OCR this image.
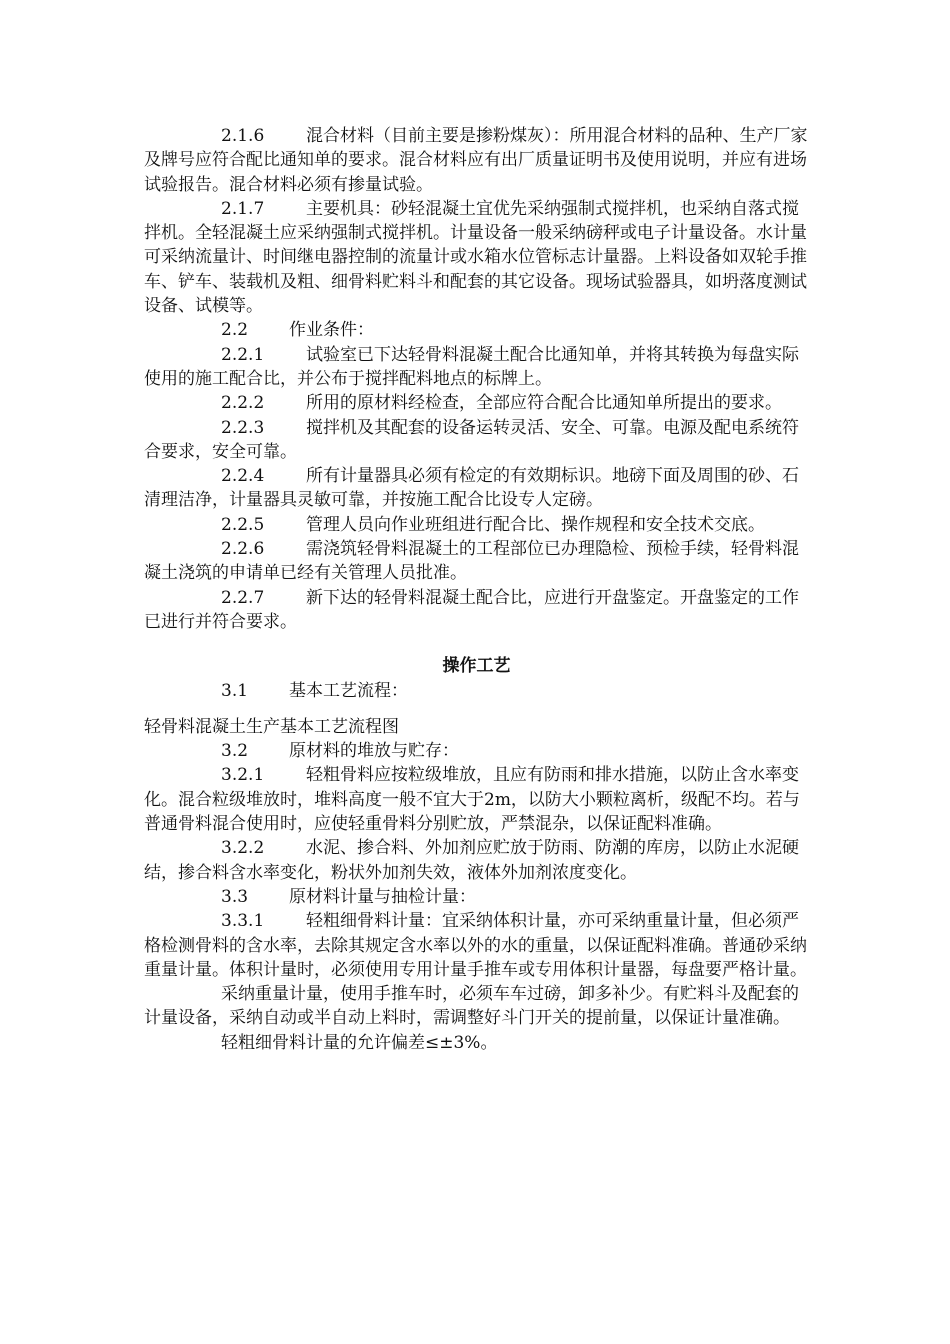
2.1.6 混合材料（目前主要是掺粉煤灰）：所用混合材料的品种、生产厂家及牌号应符合配比通知单的要求。混合材料应有出厂质量证明书及使用说明，并应有进场试验报告。混合材料必须有掺量试验。

2.1.7 主要机具：砂轻混凝土宜优先采纳强制式搅拌机，也采纳自落式搅拌机。全轻混凝土应采纳强制式搅拌机。计量设备一般采纳磅秤或电子计量设备。水计量可采纳流量计、时间继电器控制的流量计或水箱水位管标志计量器。上料设备如双轮手推车、铲车、装载机及粗、细骨料贮料斗和配套的其它设备。现场试验器具，如坍落度测试设备、试模等。

2.2 作业条件：

2.2.1 试验室已下达轻骨料混凝土配合比通知单，并将其转换为每盘实际使用的施工配合比，并公布于搅拌配料地点的标牌上。

2.2.2 所用的原材料经检查，全部应符合配合比通知单所提出的要求。

2.2.3 搅拌机及其配套的设备运转灵活、安全、可靠。电源及配电系统符合要求，安全可靠。

2.2.4 所有计量器具必须有检定的有效期标识。地磅下面及周围的砂、石清理洁净，计量器具灵敏可靠，并按施工配合比设专人定磅。

2.2.5 管理人员向作业班组进行配合比、操作规程和安全技术交底。

2.2.6 需浇筑轻骨料混凝土的工程部位已办理隐检、预检手续，轻骨料混凝土浇筑的申请单已经有关管理人员批准。

2.2.7 新下达的轻骨料混凝土配合比，应进行开盘鉴定。开盘鉴定的工作已进行并符合要求。

操作工艺

3.1 基本工艺流程：

轻骨料混凝土生产基本工艺流程图

3.2 原材料的堆放与贮存：

3.2.1 轻粗骨料应按粒级堆放，且应有防雨和排水措施，以防止含水率变化。混合粒级堆放时，堆料高度一般不宜大于2m，以防大小颗粒离析，级配不均。若与普通骨料混合使用时，应使轻重骨料分别贮放，严禁混杂，以保证配料准确。

3.2.2 水泥、掺合料、外加剂应贮放于防雨、防潮的库房，以防止水泥硬结，掺合料含水率变化，粉状外加剂失效，液体外加剂浓度变化。

3.3 原材料计量与抽检计量：

3.3.1 轻粗细骨料计量：宜采纳体积计量，亦可采纳重量计量，但必须严格检测骨料的含水率，去除其规定含水率以外的水的重量，以保证配料准确。普通砂采纳重量计量。体积计量时，必须使用专用计量手推车或专用体积计量器，每盘要严格计量。

采纳重量计量，使用手推车时，必须车车过磅，卸多补少。有贮料斗及配套的计量设备，采纳自动或半自动上料时，需调整好斗门开关的提前量，以保证计量准确。

轻粗细骨料计量的允许偏差≤±3%。
